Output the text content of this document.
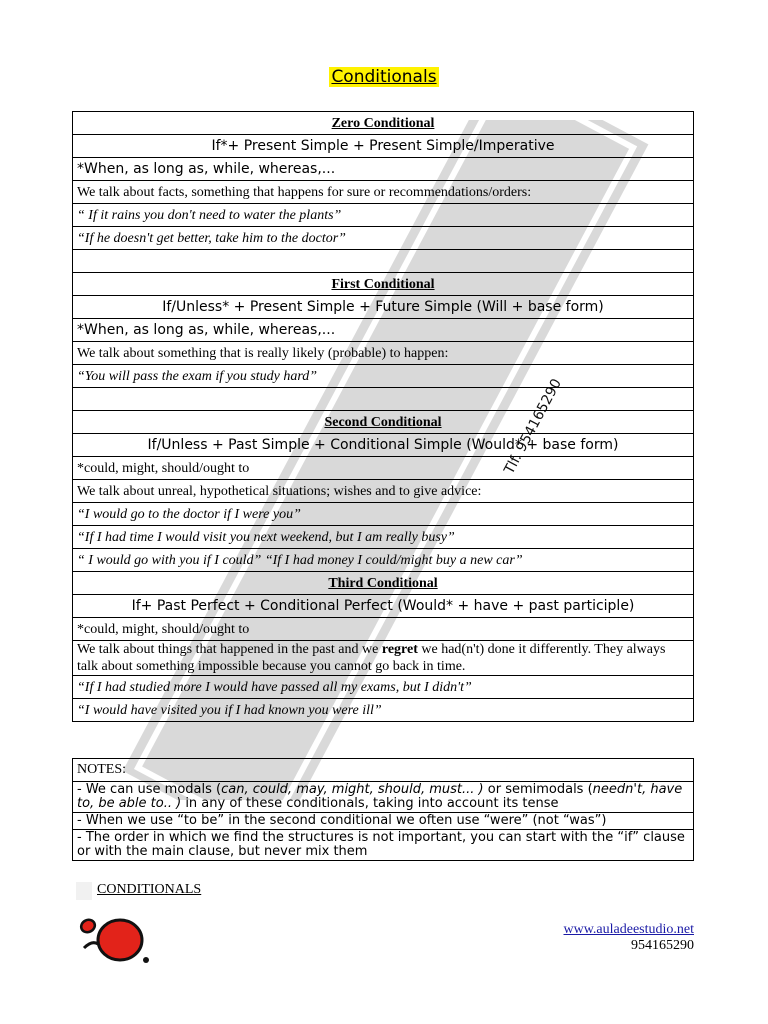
Conditionals
Tlf. 954165290
Zero Conditional
If*+ Present Simple + Present Simple/Imperative
*When, as long as, while, whereas,...
We talk about facts, something that happens for sure or recommendations/orders:
“ If it rains you don't need to water the plants”
“If he doesn't get better, take him to the doctor”

First Conditional
If/Unless* + Present Simple + Future Simple (Will + base form)
*When, as long as, while, whereas,...
We talk about something that is really likely (probable) to happen:
“You will pass the exam if you study hard”

Second Conditional
If/Unless + Past Simple + Conditional Simple (Would* + base form)
*could, might, should/ought to
We talk about unreal, hypothetical situations; wishes and to give advice:
“I would go to the doctor if I were you”
“If I had time I would visit you next weekend, but I am really busy”
“ I would go with you if I could” “If I had money I could/might buy a new car”
Third Conditional
If+ Past Perfect + Conditional Perfect (Would* + have + past participle)
*could, might, should/ought to
We talk about things that happened in the past and we regret we had(n't) done it differently. They always talk about something impossible because you cannot go back in time.
“If I had studied more I would have passed all my exams, but I didn't”
“I would have visited you if I had known you were ill”
NOTES:
- We can use modals (can, could, may, might, should, must... ) or semimodals (needn't, have to, be able to.. ) in any of these conditionals, taking into account its tense
- When we use “to be” in the second conditional we often use “were” (not “was”)
- The order in which we find the structures is not important, you can start with the “if” clause or with the main clause, but never mix them
CONDITIONALS
www.auladeestudio.net
954165290
